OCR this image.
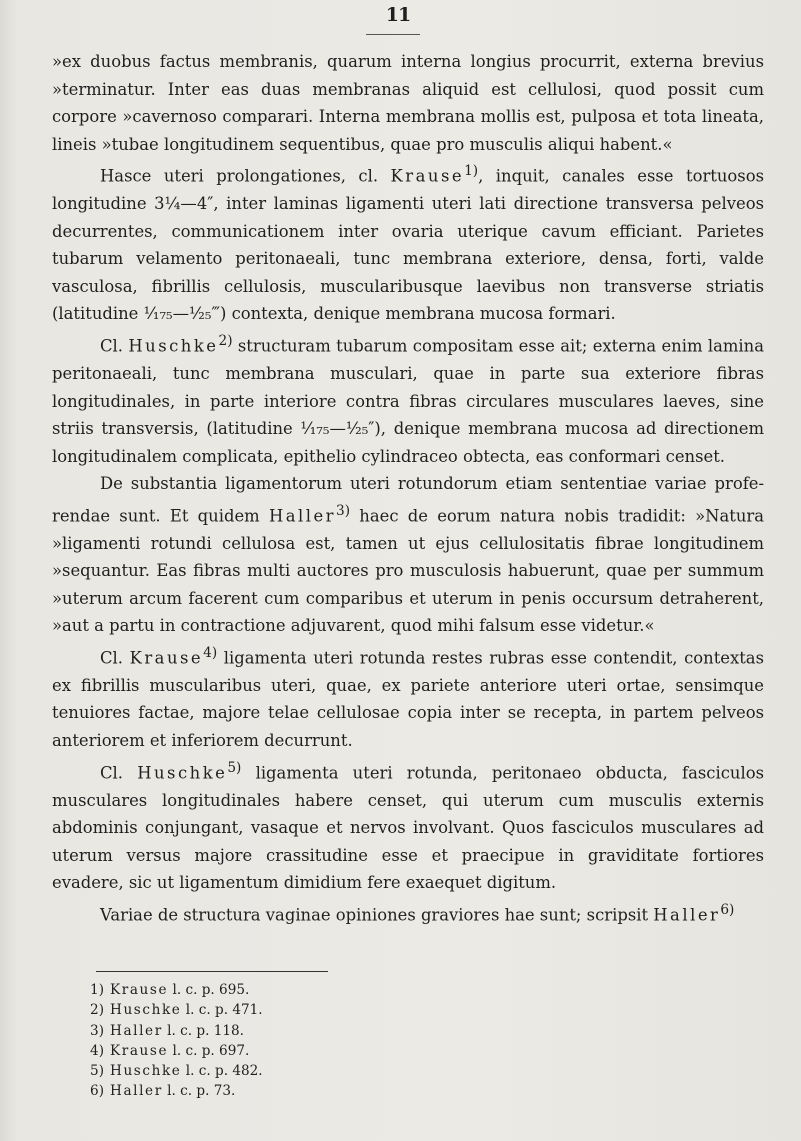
11

»ex duobus factus membranis, quarum interna longius procurrit, externa brevius »terminatur. Inter eas duas membranas aliquid est cellulosi, quod possit cum corpore »cavernoso comparari. Interna membrana mollis est, pulposa et tota lineata, lineis »tubae longitudinem sequentibus, quae pro musculis aliqui habent.«

Hasce uteri prolongationes, cl. Krause$^{1)}$, inquit, canales esse tortuosos longitudine 3¼—4″, inter laminas ligamenti uteri lati directione transversa pelveos decurrentes, communicationem inter ovaria uterique cavum efficiant. Parietes tubarum velamento peritonaeali, tunc membrana exteriore, densa, forti, valde vasculosa, fibrillis cellulosis, muscularibusque laevibus non transverse striatis (latitudine ¹⁄₁₇₅—¹⁄₂₅‴) contexta, denique membrana mucosa formari.

Cl. Huschke$^{2)}$ structuram tubarum compositam esse ait; externa enim lamina peritonaeali, tunc membrana musculari, quae in parte sua exteriore fibras longitudinales, in parte interiore contra fibras circulares musculares laeves, sine striis transversis, (latitudine ¹⁄₁₇₅—¹⁄₂₅″), denique membrana mucosa ad directionem longitudinalem complicata, epithelio cylindraceo obtecta, eas conformari censet.

De substantia ligamentorum uteri rotundorum etiam sententiae variae profe- rendae sunt. Et quidem Haller$^{3)}$ haec de eorum natura nobis tradidit: »Natura »ligamenti rotundi cellulosa est, tamen ut ejus cellulositatis fibrae longitudinem »sequantur. Eas fibras multi auctores pro musculosis habuerunt, quae per summum »uterum arcum facerent cum comparibus et uterum in penis occursum detraherent, »aut a partu in contractione adjuvarent, quod mihi falsum esse videtur.«

Cl. Krause$^{4)}$ ligamenta uteri rotunda restes rubras esse contendit, contextas ex fibrillis muscularibus uteri, quae, ex pariete anteriore uteri ortae, sensimque tenuiores factae, majore telae cellulosae copia inter se recepta, in partem pelveos anteriorem et inferiorem decurrunt.

Cl. Huschke$^{5)}$ ligamenta uteri rotunda, peritonaeo obducta, fasciculos musculares longitudinales habere censet, qui uterum cum musculis externis abdominis conjungant, vasaque et nervos involvant. Quos fasciculos musculares ad uterum versus majore crassitudine esse et praecipue in graviditate fortiores evadere, sic ut ligamentum dimidium fere exaequet digitum.

Variae de structura vaginae opiniones graviores hae sunt; scripsit Haller$^{6)}$

1) Krause l. c. p. 695.
2) Huschke l. c. p. 471.
3) Haller l. c. p. 118.
4) Krause l. c. p. 697.
5) Huschke l. c. p. 482.
6) Haller l. c. p. 73.
